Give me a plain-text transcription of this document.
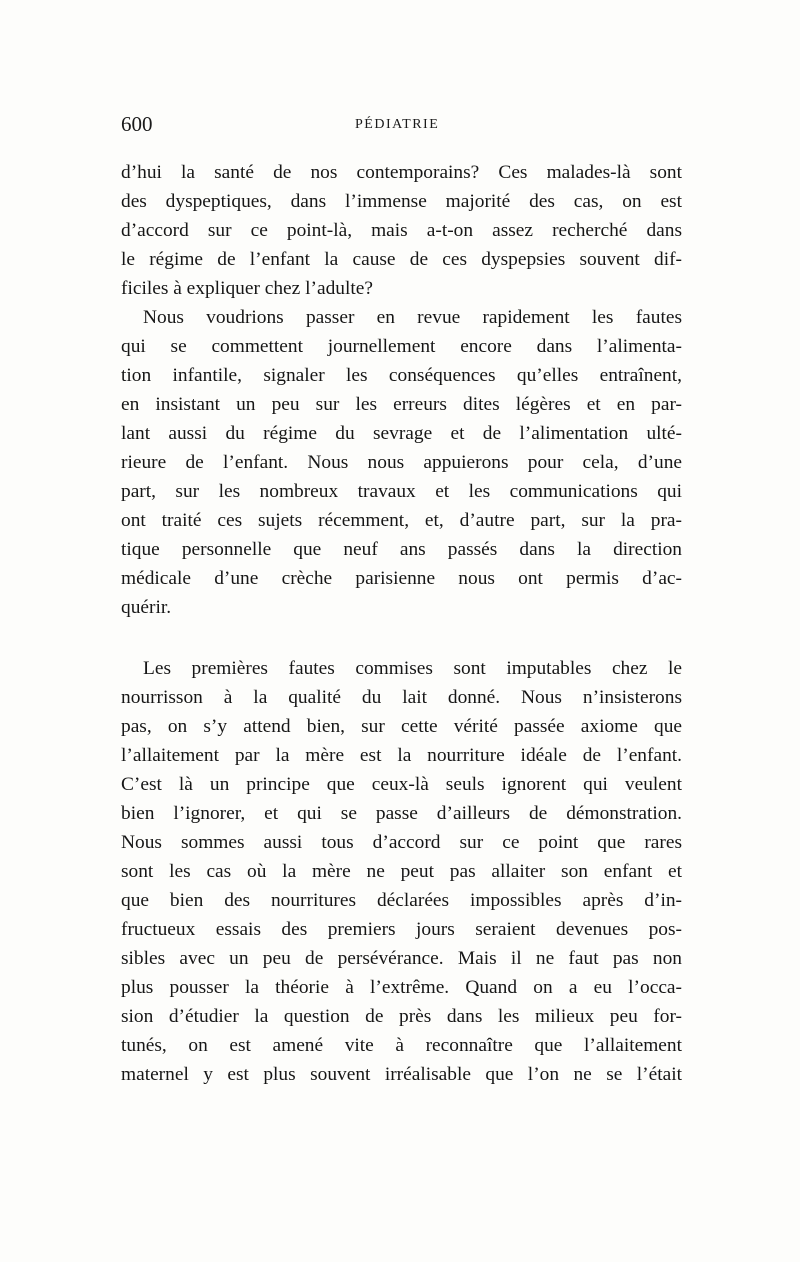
600	PÉDIATRIE
d’hui la santé de nos contemporains? Ces malades-là sont
des dyspeptiques, dans l’immense majorité des cas, on est
d’accord sur ce point-là, mais a-t-on assez recherché dans
le régime de l’enfant la cause de ces dyspepsies souvent dif-
ficiles à expliquer chez l’adulte?
Nous voudrions passer en revue rapidement les fautes
qui se commettent journellement encore dans l’alimenta-
tion infantile, signaler les conséquences qu’elles entraînent,
en insistant un peu sur les erreurs dites légères et en par-
lant aussi du régime du sevrage et de l’alimentation ulté-
rieure de l’enfant. Nous nous appuierons pour cela, d’une
part, sur les nombreux travaux et les communications qui
ont traité ces sujets récemment, et, d’autre part, sur la pra-
tique personnelle que neuf ans passés dans la direction
médicale d’une crèche parisienne nous ont permis d’ac-
quérir.
Les premières fautes commises sont imputables chez le
nourrisson à la qualité du lait donné. Nous n’insisterons
pas, on s’y attend bien, sur cette vérité passée axiome que
l’allaitement par la mère est la nourriture idéale de l’enfant.
C’est là un principe que ceux-là seuls ignorent qui veulent
bien l’ignorer, et qui se passe d’ailleurs de démonstration.
Nous sommes aussi tous d’accord sur ce point que rares
sont les cas où la mère ne peut pas allaiter son enfant et
que bien des nourritures déclarées impossibles après d’in-
fructueux essais des premiers jours seraient devenues pos-
sibles avec un peu de persévérance. Mais il ne faut pas non
plus pousser la théorie à l’extrême. Quand on a eu l’occa-
sion d’étudier la question de près dans les milieux peu for-
tunés, on est amené vite à reconnaître que l’allaitement
maternel y est plus souvent irréalisable que l’on ne se l’était
